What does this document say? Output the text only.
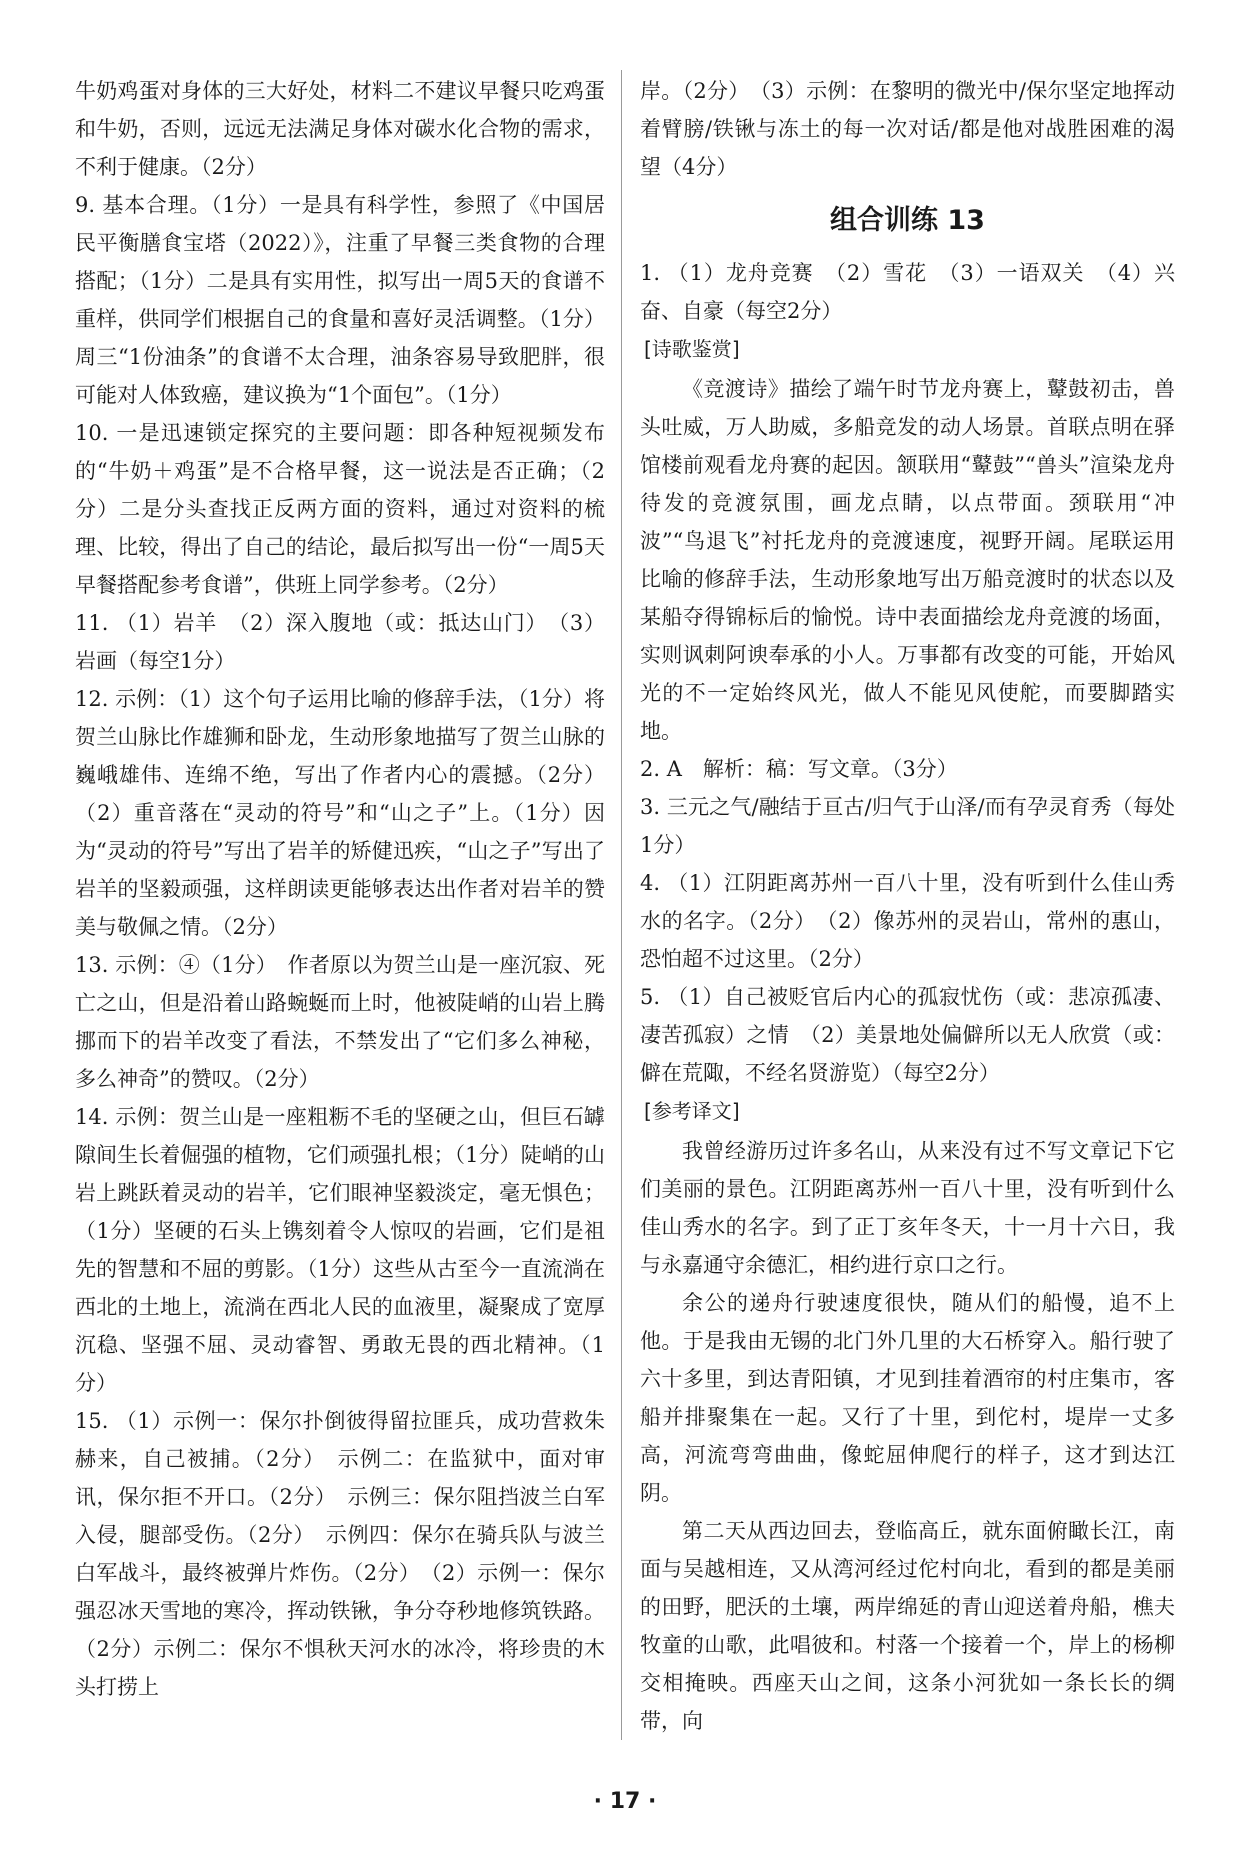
牛奶鸡蛋对身体的三大好处，材料二不建议早餐只吃鸡蛋和牛奶，否则，远远无法满足身体对碳水化合物的需求，不利于健康。（2分）

9. 基本合理。（1分）一是具有科学性，参照了《中国居民平衡膳食宝塔（2022）》，注重了早餐三类食物的合理搭配；（1分）二是具有实用性，拟写出一周5天的食谱不重样，供同学们根据自己的食量和喜好灵活调整。（1分）周三“1份油条”的食谱不太合理，油条容易导致肥胖，很可能对人体致癌，建议换为“1个面包”。（1分）

10. 一是迅速锁定探究的主要问题：即各种短视频发布的“牛奶＋鸡蛋”是不合格早餐，这一说法是否正确；（2分）二是分头查找正反两方面的资料，通过对资料的梳理、比较，得出了自己的结论，最后拟写出一份“一周5天早餐搭配参考食谱”，供班上同学参考。（2分）

11. （1）岩羊　（2）深入腹地（或：抵达山门）　（3）岩画（每空1分）

12. 示例：（1）这个句子运用比喻的修辞手法，（1分）将贺兰山脉比作雄狮和卧龙，生动形象地描写了贺兰山脉的巍峨雄伟、连绵不绝，写出了作者内心的震撼。（2分）（2）重音落在“灵动的符号”和“山之子”上。（1分）因为“灵动的符号”写出了岩羊的矫健迅疾，“山之子”写出了岩羊的坚毅顽强，这样朗读更能够表达出作者对岩羊的赞美与敬佩之情。（2分）

13. 示例：④（1分）　作者原以为贺兰山是一座沉寂、死亡之山，但是沿着山路蜿蜒而上时，他被陡峭的山岩上腾挪而下的岩羊改变了看法，不禁发出了“它们多么神秘，多么神奇”的赞叹。（2分）

14. 示例：贺兰山是一座粗粝不毛的坚硬之山，但巨石罅隙间生长着倔强的植物，它们顽强扎根；（1分）陡峭的山岩上跳跃着灵动的岩羊，它们眼神坚毅淡定，毫无惧色；（1分）坚硬的石头上镌刻着令人惊叹的岩画，它们是祖先的智慧和不屈的剪影。（1分）这些从古至今一直流淌在西北的土地上，流淌在西北人民的血液里，凝聚成了宽厚沉稳、坚强不屈、灵动睿智、勇敢无畏的西北精神。（1分）

15. （1）示例一：保尔扑倒彼得留拉匪兵，成功营救朱赫来，自己被捕。（2分）　示例二：在监狱中，面对审讯，保尔拒不开口。（2分）　示例三：保尔阻挡波兰白军入侵，腿部受伤。（2分）　示例四：保尔在骑兵队与波兰白军战斗，最终被弹片炸伤。（2分）　（2）示例一：保尔强忍冰天雪地的寒冷，挥动铁锹，争分夺秒地修筑铁路。（2分）示例二：保尔不惧秋天河水的冰冷，将珍贵的木头打捞上

岸。（2分）　（3）示例：在黎明的微光中/保尔坚定地挥动着臂膀/铁锹与冻土的每一次对话/都是他对战胜困难的渴望（4分）

组合训练 13

1. （1）龙舟竞赛　（2）雪花　（3）一语双关　（4）兴奋、自豪（每空2分）

[ 诗歌鉴赏 ]

《竞渡诗》描绘了端午时节龙舟赛上，鼙鼓初击，兽头吐威，万人助威，多船竞发的动人场景。首联点明在驿馆楼前观看龙舟赛的起因。颔联用“鼙鼓”“兽头”渲染龙舟待发的竞渡氛围，画龙点睛，以点带面。颈联用“冲波”“鸟退飞”衬托龙舟的竞渡速度，视野开阔。尾联运用比喻的修辞手法，生动形象地写出万船竞渡时的状态以及某船夺得锦标后的愉悦。诗中表面描绘龙舟竞渡的场面，实则讽刺阿谀奉承的小人。万事都有改变的可能，开始风光的不一定始终风光，做人不能见风使舵，而要脚踏实地。

2. A　解析：稿：写文章。（3分）

3. 三元之气/融结于亘古/归气于山泽/而有孕灵育秀（每处1分）

4. （1）江阴距离苏州一百八十里，没有听到什么佳山秀水的名字。（2分）　（2）像苏州的灵岩山，常州的惠山，恐怕超不过这里。（2分）

5. （1）自己被贬官后内心的孤寂忧伤（或：悲凉孤凄、凄苦孤寂）之情　（2）美景地处偏僻所以无人欣赏（或：僻在荒陬，不经名贤游览）（每空2分）

[ 参考译文 ]

我曾经游历过许多名山，从来没有过不写文章记下它们美丽的景色。江阴距离苏州一百八十里，没有听到什么佳山秀水的名字。到了正丁亥年冬天，十一月十六日，我与永嘉通守余德汇，相约进行京口之行。

余公的递舟行驶速度很快，随从们的船慢，追不上他。于是我由无锡的北门外几里的大石桥穿入。船行驶了六十多里，到达青阳镇，才见到挂着酒帘的村庄集市，客船并排聚集在一起。又行了十里，到佗村，堤岸一丈多高，河流弯弯曲曲，像蛇屈伸爬行的样子，这才到达江阴。

第二天从西边回去，登临高丘，就东面俯瞰长江，南面与吴越相连，又从湾河经过佗村向北，看到的都是美丽的田野，肥沃的土壤，两岸绵延的青山迎送着舟船，樵夫牧童的山歌，此唱彼和。村落一个接着一个，岸上的杨柳交相掩映。西座天山之间，这条小河犹如一条长长的绸带，向

· 17 ·
